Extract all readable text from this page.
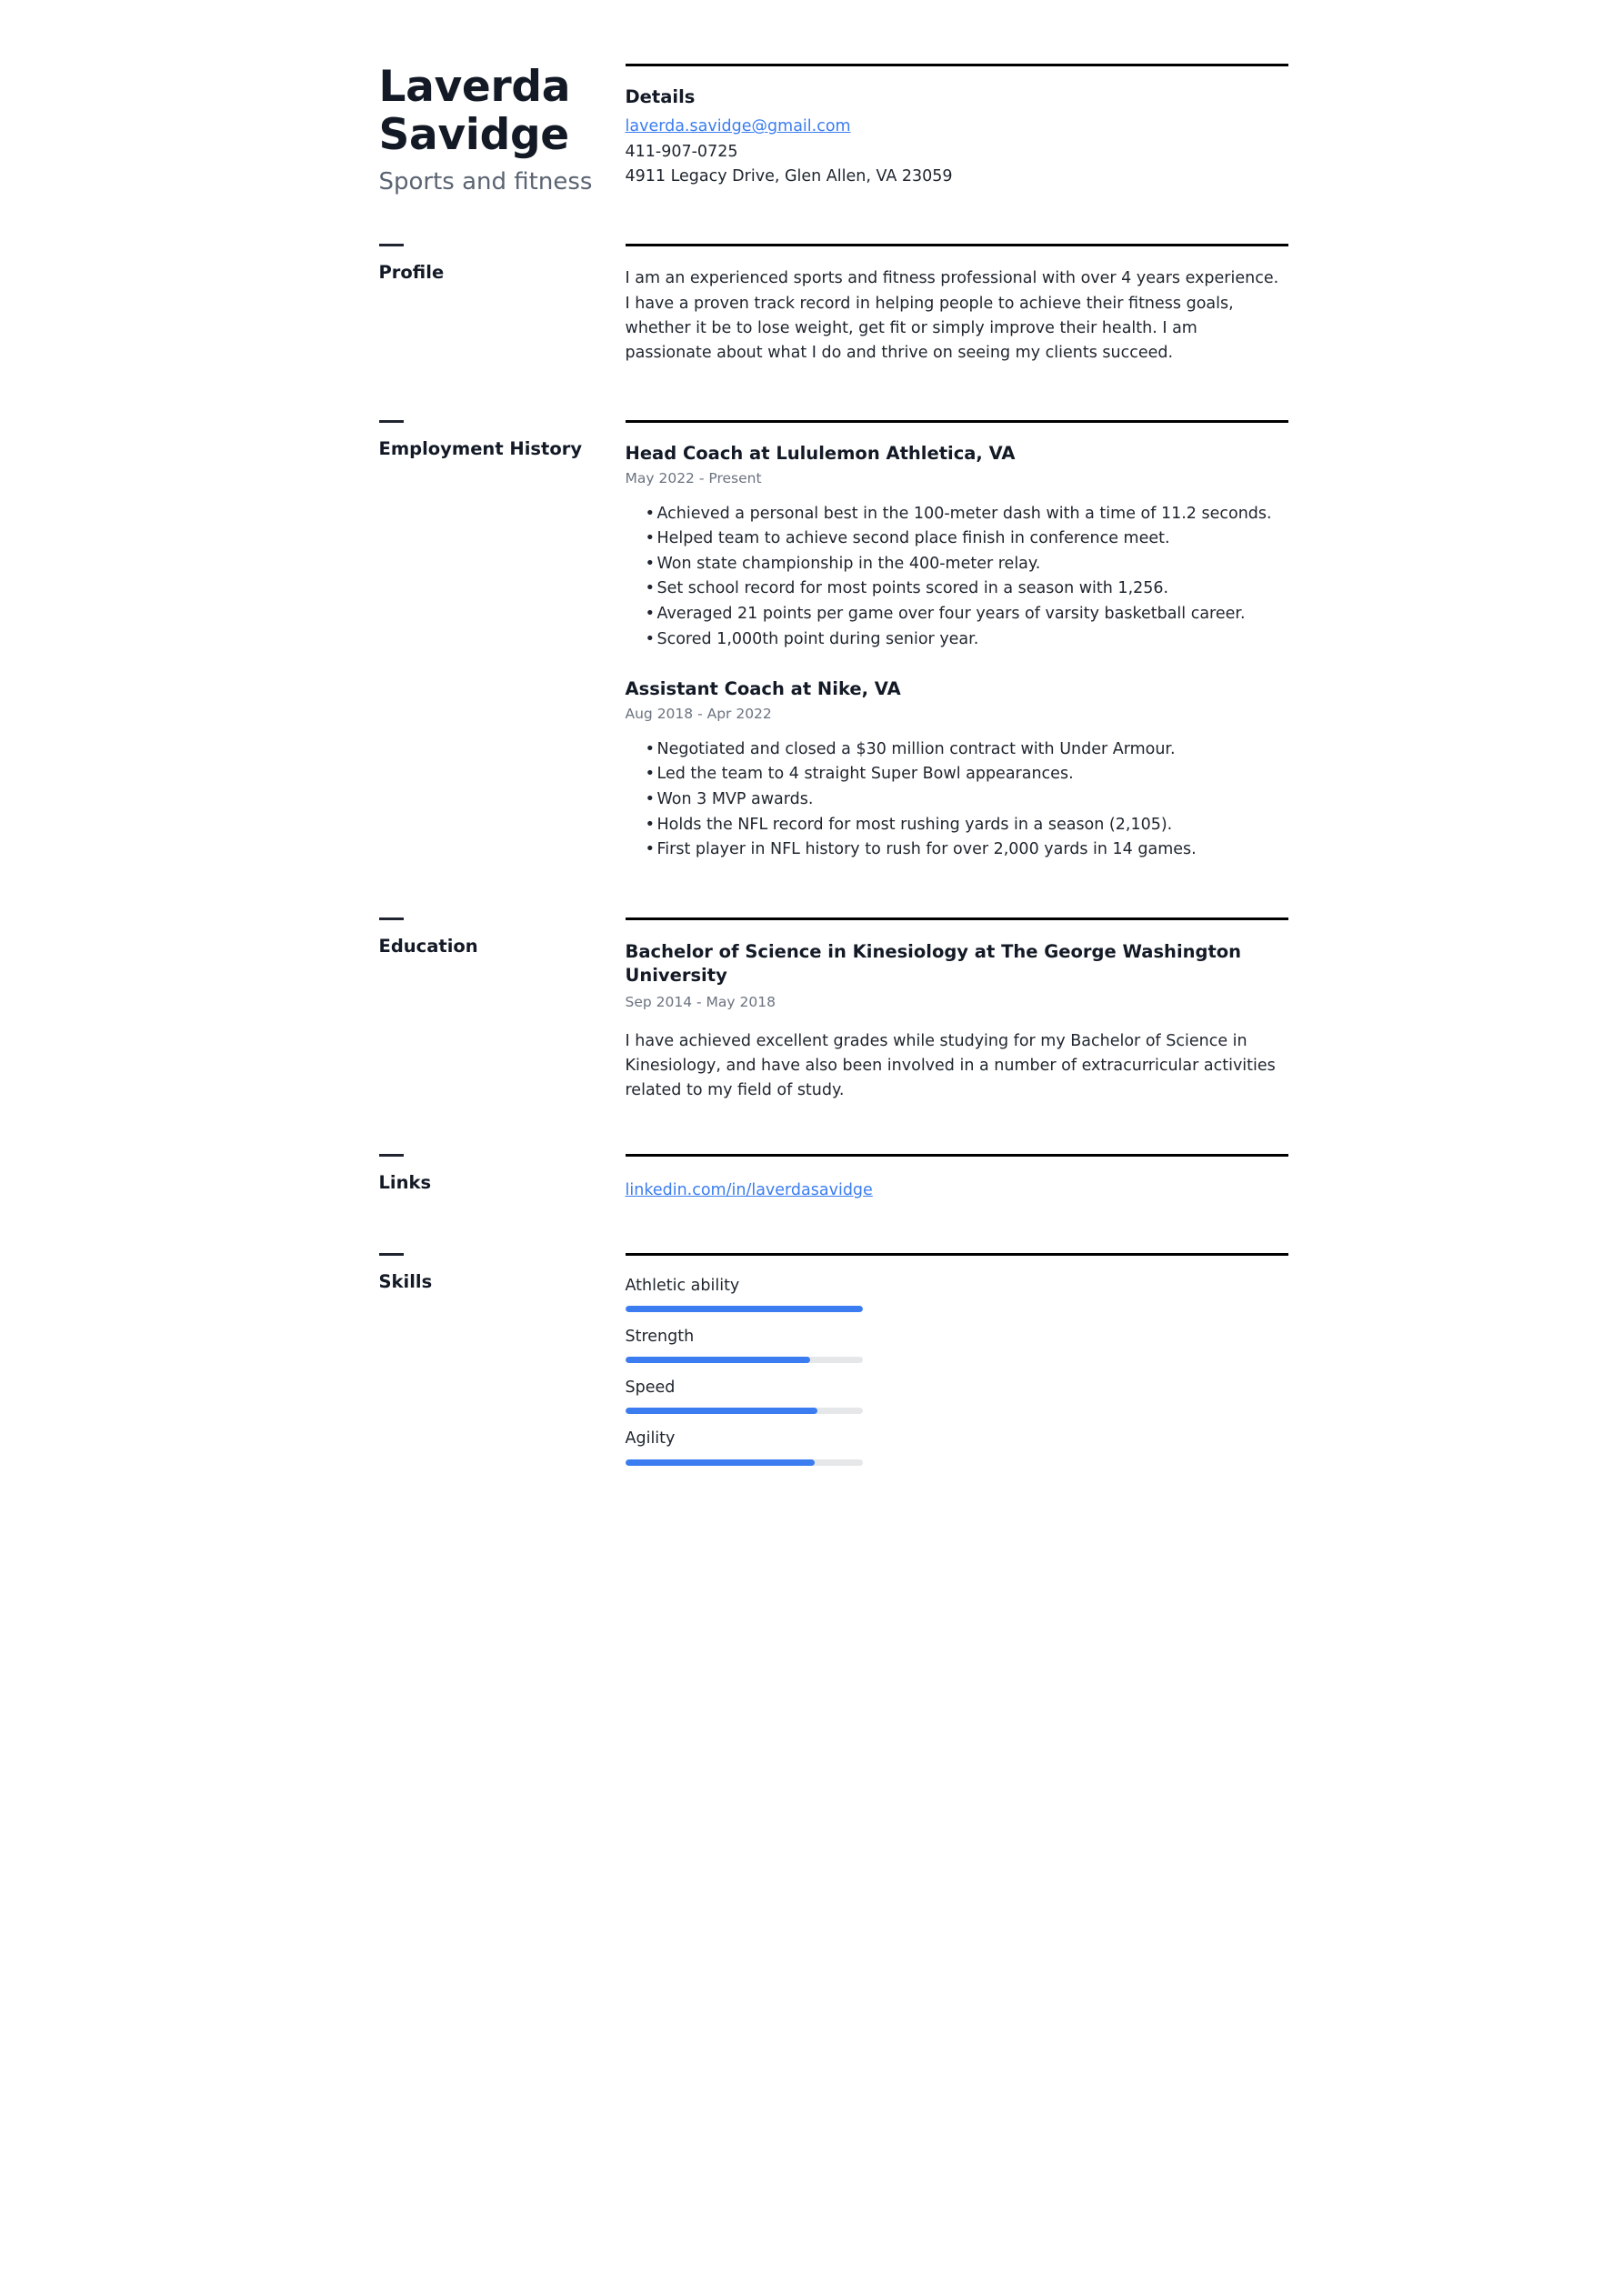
Laverda
Savidge
Sports and fitness
Details
laverda.savidge@gmail.com
411-907-0725
4911 Legacy Drive, Glen Allen, VA 23059
Profile	I am an experienced sports and fitness professional with over 4 years experience. I have a proven track record in helping people to achieve their fitness goals, whether it be to lose weight, get fit or simply improve their health. I am passionate about what I do and thrive on seeing my clients succeed.
Employment History	Head Coach at Lululemon Athletica, VA
May 2022 - Present
• Achieved a personal best in the 100-meter dash with a time of 11.2 seconds.
• Helped team to achieve second place finish in conference meet.
• Won state championship in the 400-meter relay.
• Set school record for most points scored in a season with 1,256.
• Averaged 21 points per game over four years of varsity basketball career.
• Scored 1,000th point during senior year.
Assistant Coach at Nike, VA
Aug 2018 - Apr 2022
• Negotiated and closed a $30 million contract with Under Armour.
• Led the team to 4 straight Super Bowl appearances.
• Won 3 MVP awards.
• Holds the NFL record for most rushing yards in a season (2,105).
• First player in NFL history to rush for over 2,000 yards in 14 games.
Education	Bachelor of Science in Kinesiology at The George Washington University
Sep 2014 - May 2018
I have achieved excellent grades while studying for my Bachelor of Science in Kinesiology, and have also been involved in a number of extracurricular activities related to my field of study.
Links	linkedin.com/in/laverdasavidge
Skills	Athletic ability
Strength
Speed
Agility
